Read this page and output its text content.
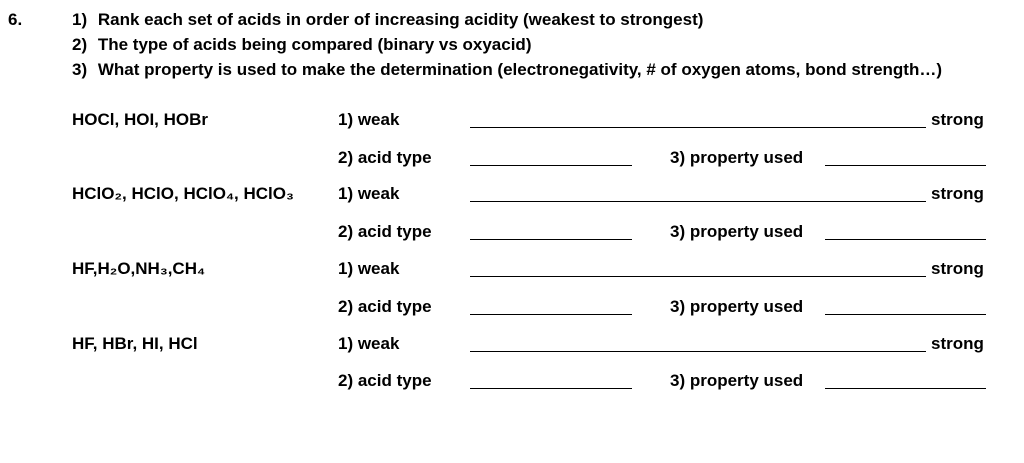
6.	1) Rank each set of acids in order of increasing acidity (weakest to strongest)
2) The type of acids being compared (binary vs oxyacid)
3) What property is used to make the determination (electronegativity, # of oxygen atoms, bond strength…)
HOCl, HOI, HOBr	1) weak	strong
2) acid type	3) property used
HClO₂, HClO, HClO₄, HClO₃	1) weak	strong
2) acid type	3) property used
HF,H₂O,NH₃,CH₄	1) weak	strong
2) acid type	3) property used
HF, HBr, HI, HCl	1) weak	strong
2) acid type	3) property used
